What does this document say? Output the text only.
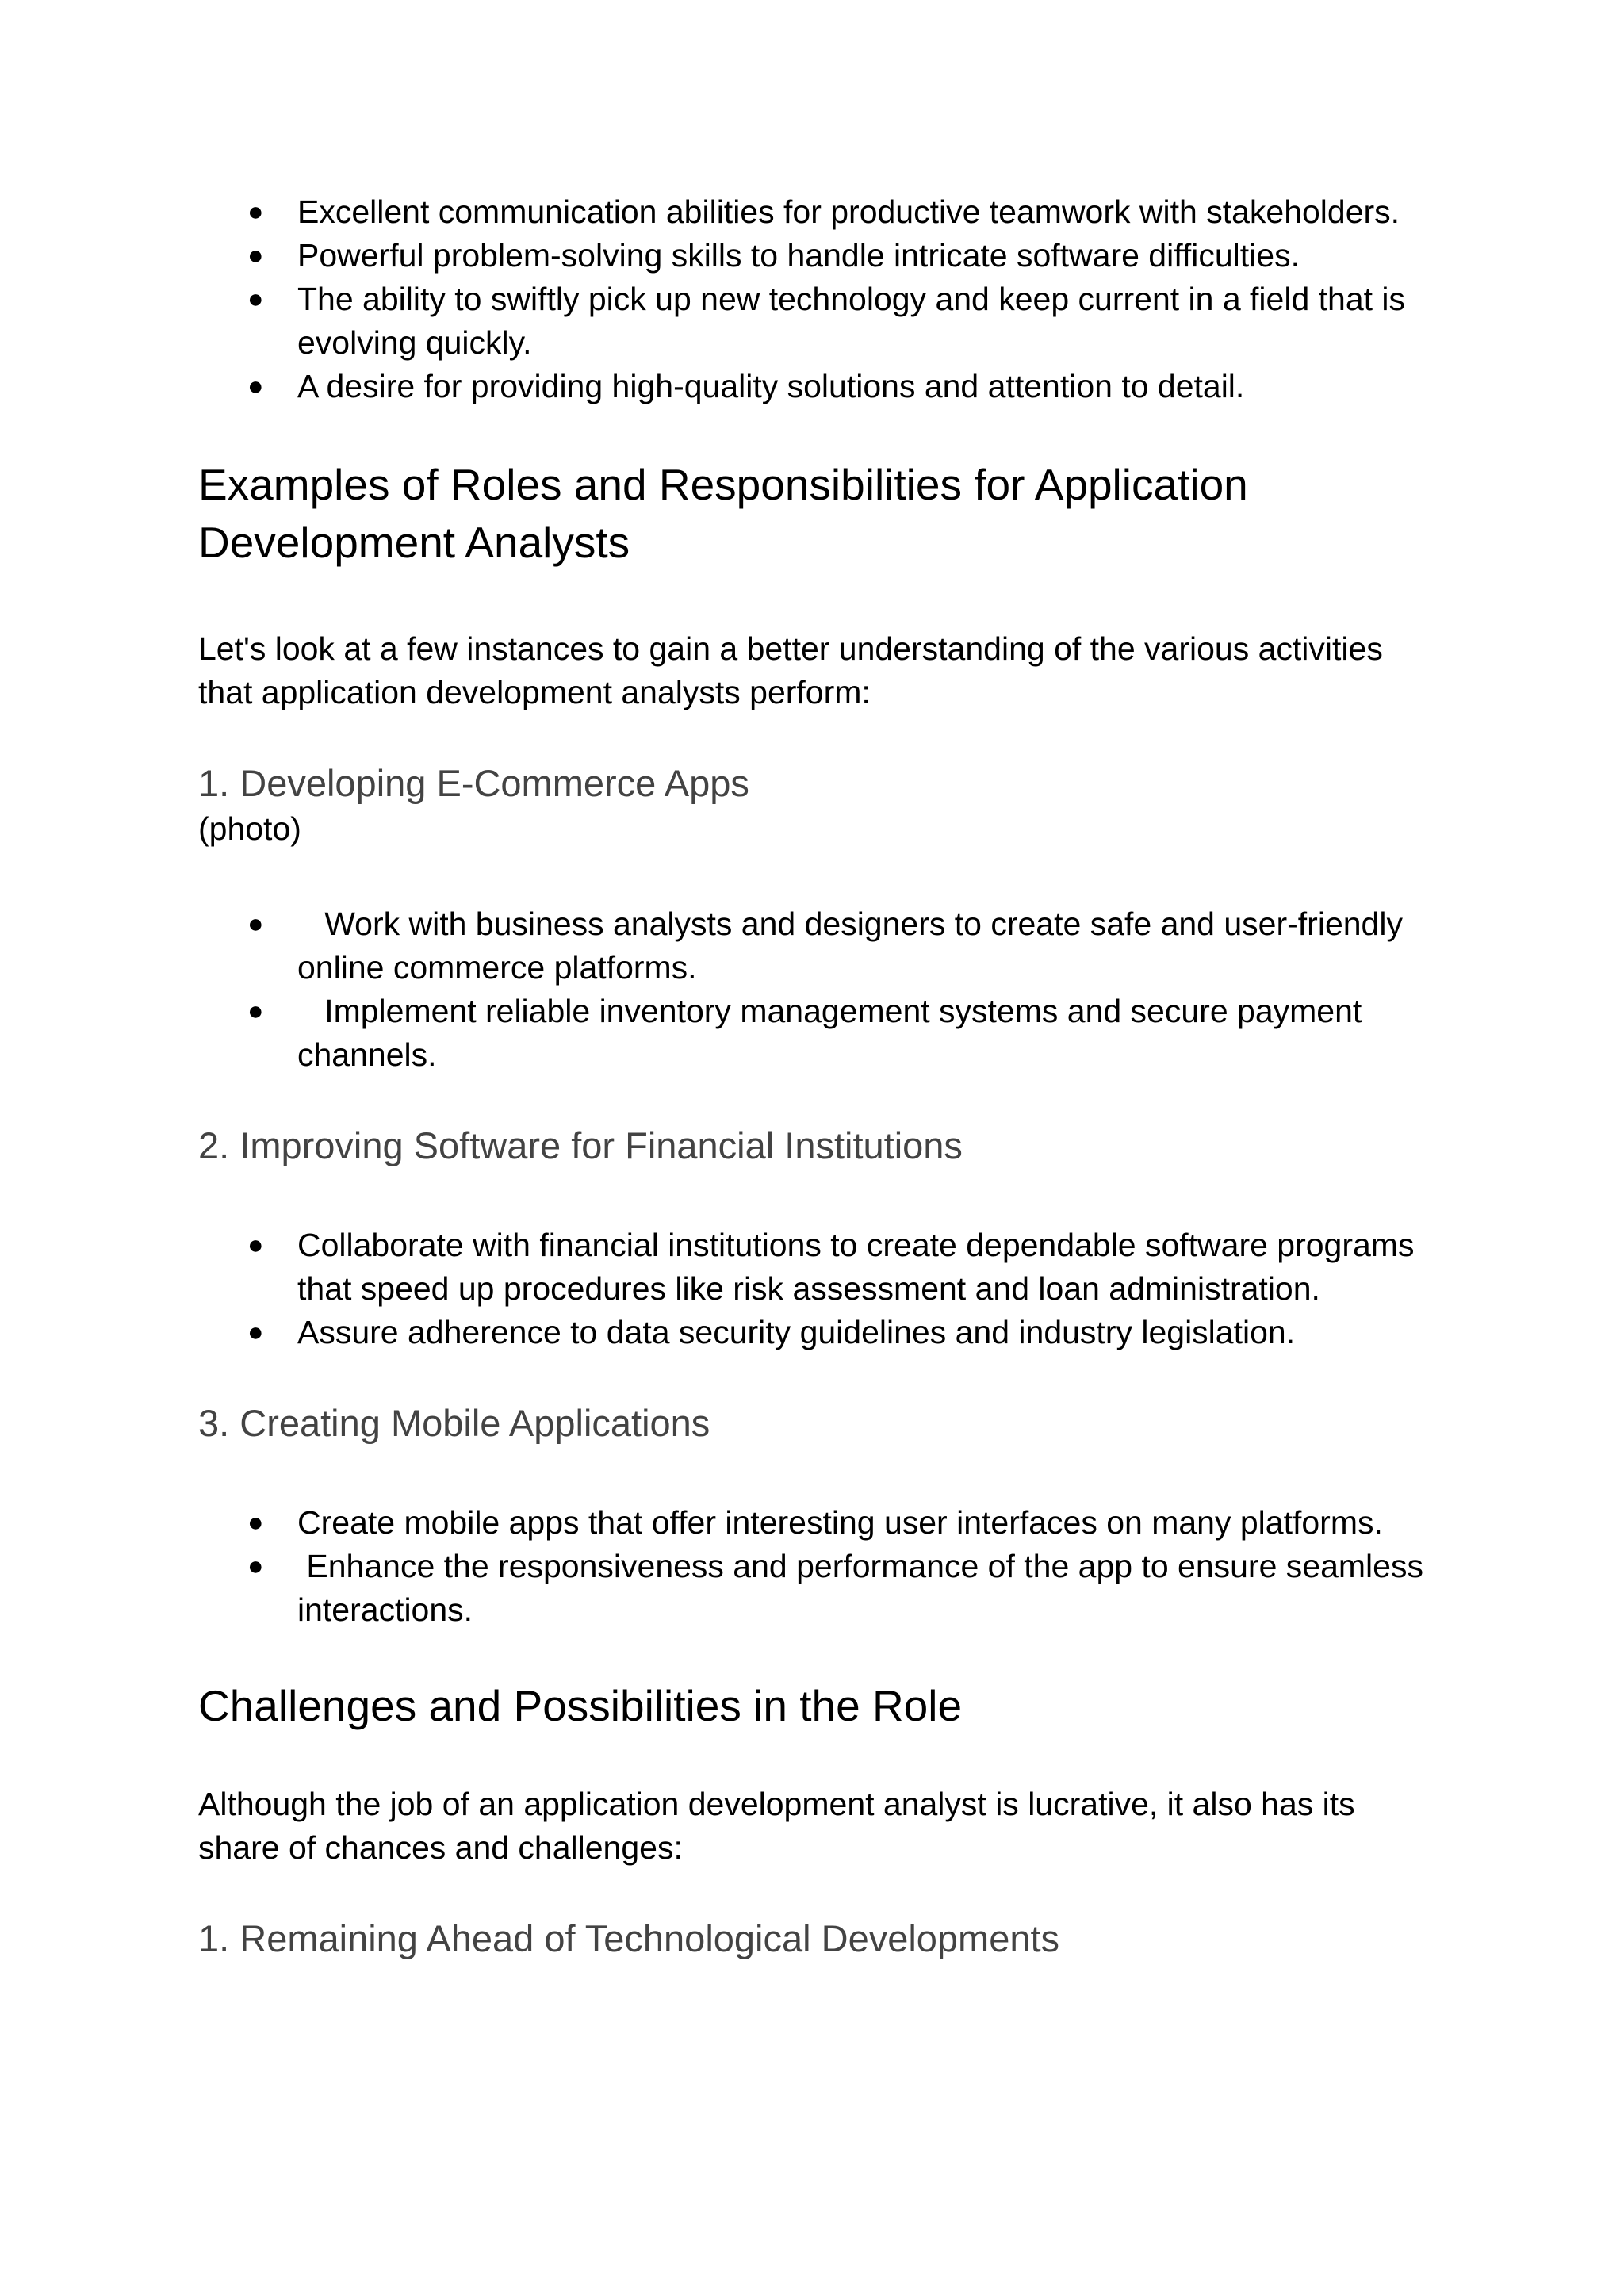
● Excellent communication abilities for productive teamwork with stakeholders.
● Powerful problem-solving skills to handle intricate software difficulties.
● The ability to swiftly pick up new technology and keep current in a field that is evolving quickly.
● A desire for providing high-quality solutions and attention to detail.
Examples of Roles and Responsibilities for Application Development Analysts

Let's look at a few instances to gain a better understanding of the various activities that application development analysts perform:

1. Developing E-Commerce Apps

(photo)

● Work with business analysts and designers to create safe and user-friendly online commerce platforms.
● Implement reliable inventory management systems and secure payment channels.
2. Improving Software for Financial Institutions
● Collaborate with financial institutions to create dependable software programs that speed up procedures like risk assessment and loan administration.
● Assure adherence to data security guidelines and industry legislation.
3. Creating Mobile Applications
● Create mobile apps that offer interesting user interfaces on many platforms.
● Enhance the responsiveness and performance of the app to ensure seamless interactions.
Challenges and Possibilities in the Role

Although the job of an application development analyst is lucrative, it also has its share of chances and challenges:

1. Remaining Ahead of Technological Developments
